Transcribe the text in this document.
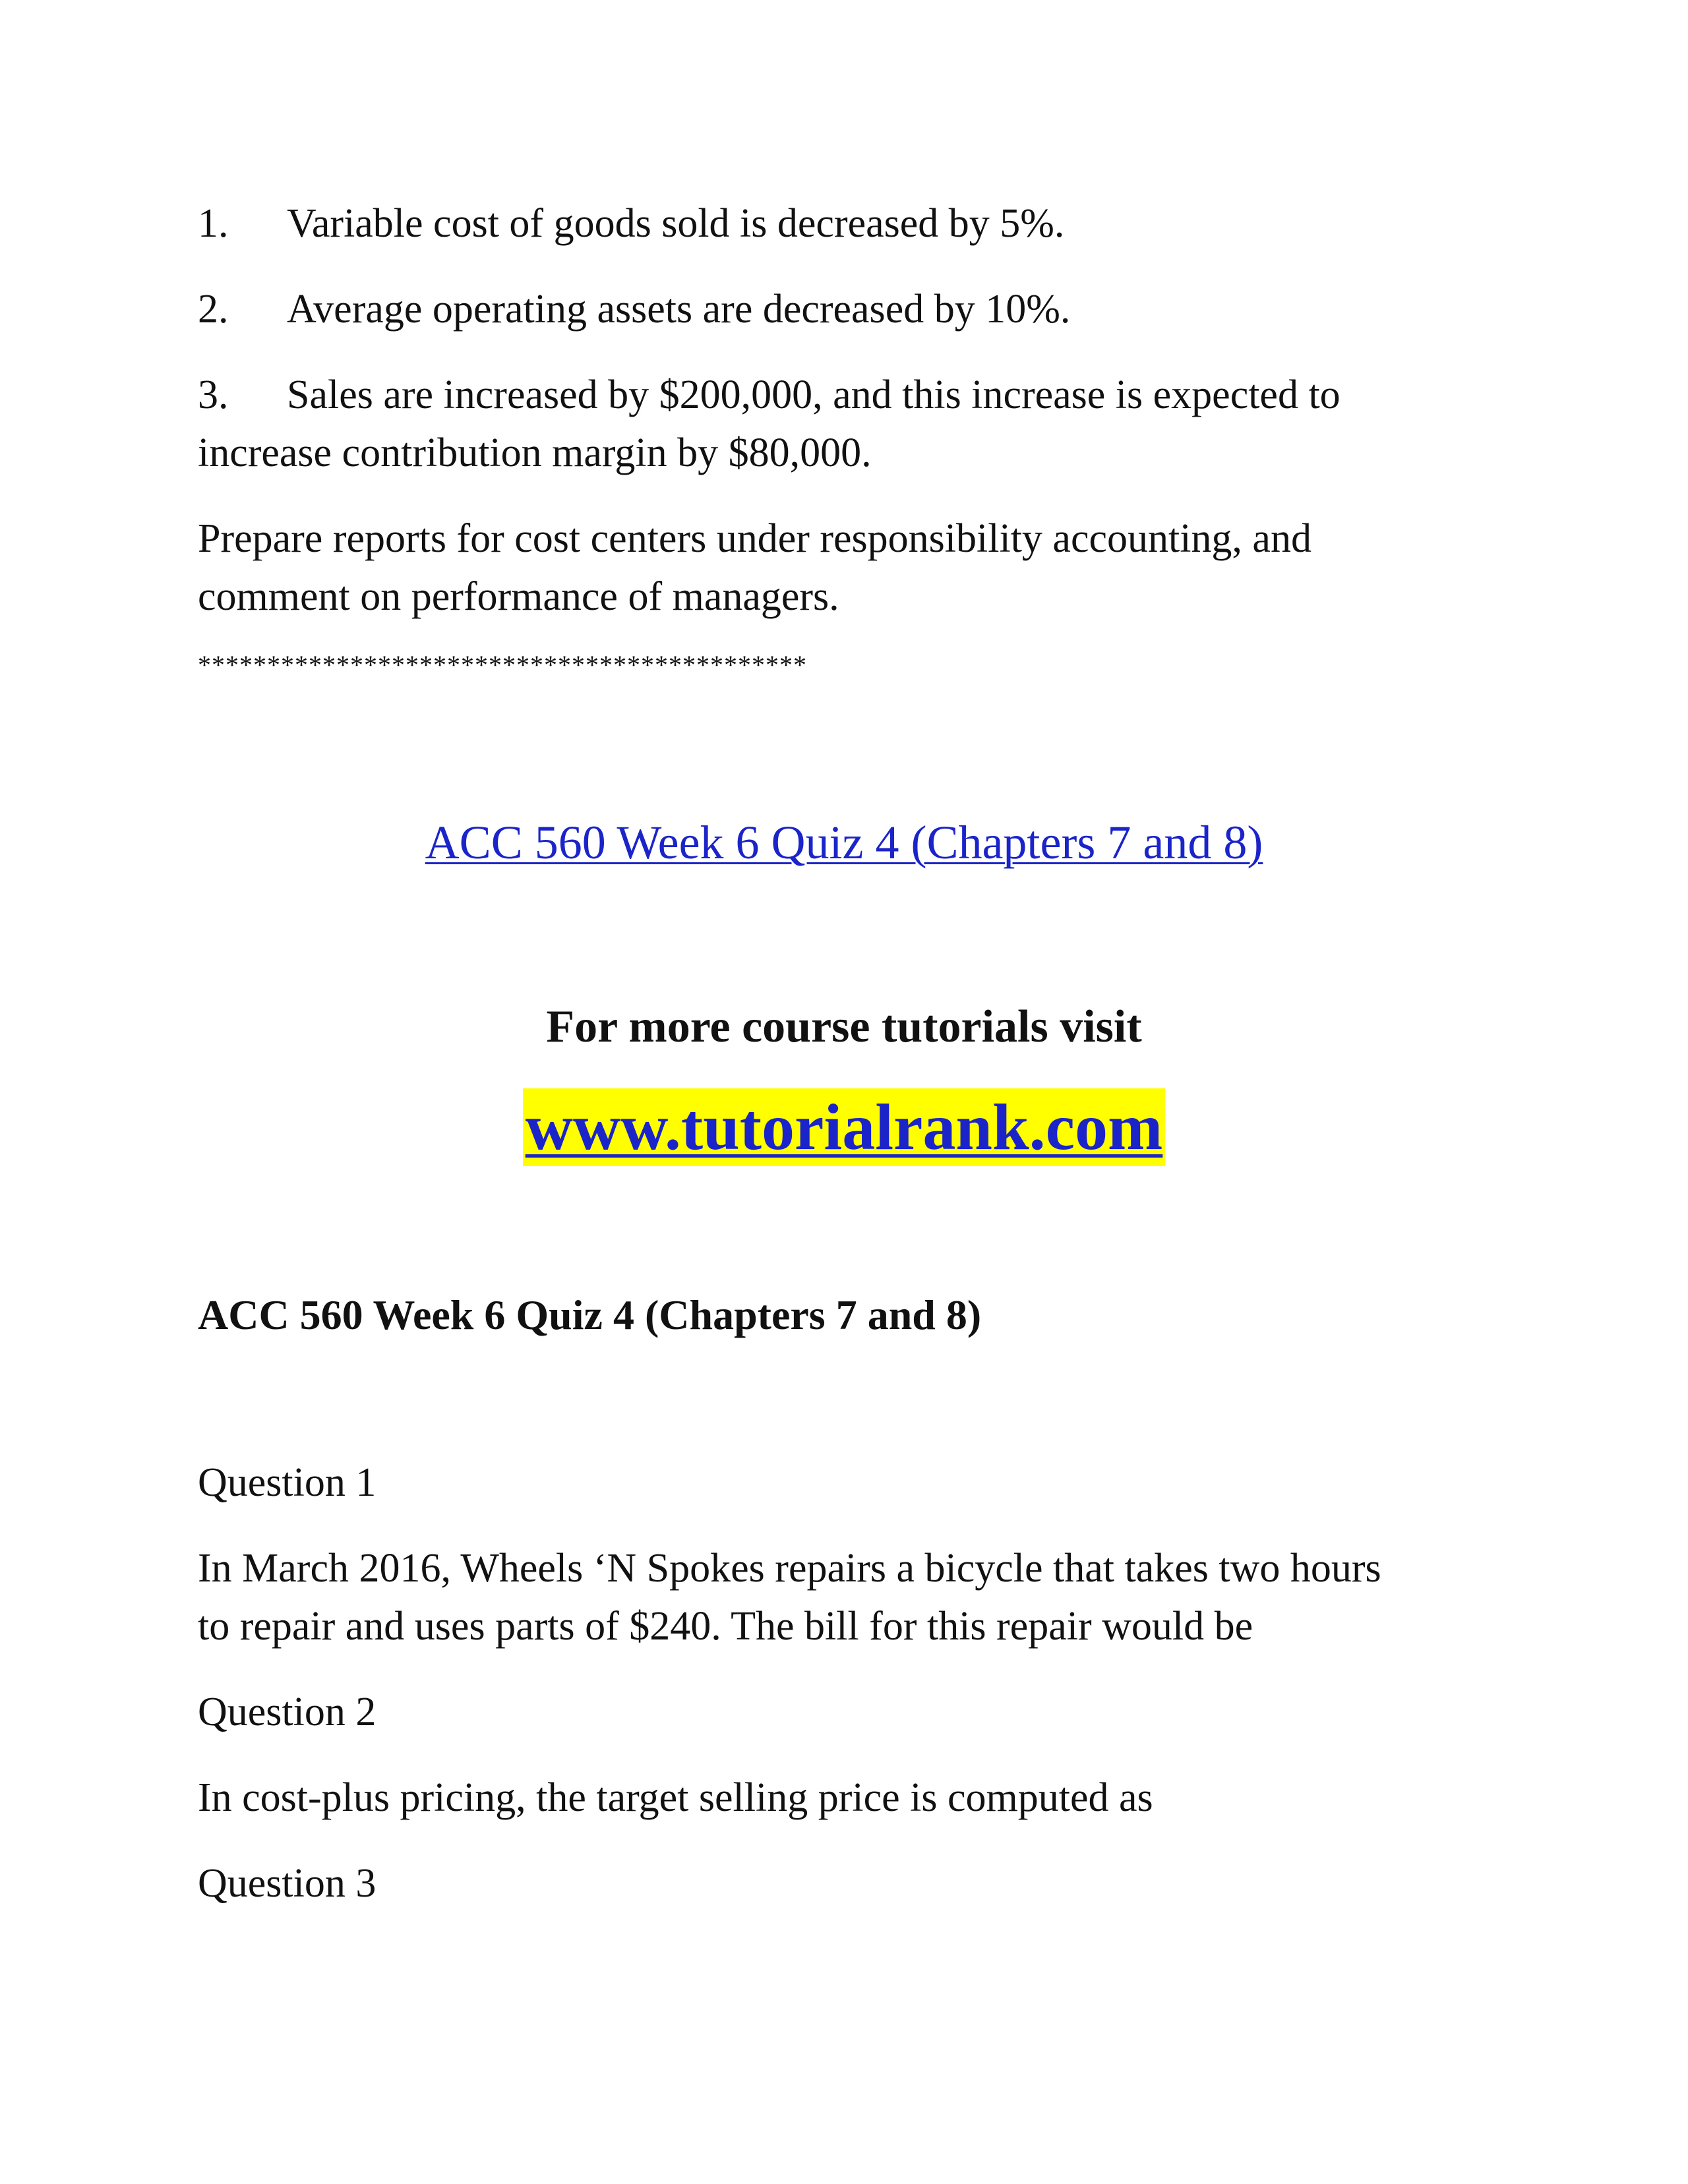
1. Variable cost of goods sold is decreased by 5%.
2. Average operating assets are decreased by 10%.
3. Sales are increased by $200,000, and this increase is expected to
increase contribution margin by $80,000.
Prepare reports for cost centers under responsibility accounting, and
comment on performance of managers.
********************************************
ACC 560 Week 6 Quiz 4 (Chapters 7 and 8)
For more course tutorials visit
www.tutorialrank.com
ACC 560 Week 6 Quiz 4 (Chapters 7 and 8)
Question 1
In March 2016, Wheels ‘N Spokes repairs a bicycle that takes two hours
to repair and uses parts of $240. The bill for this repair would be
Question 2
In cost-plus pricing, the target selling price is computed as
Question 3
